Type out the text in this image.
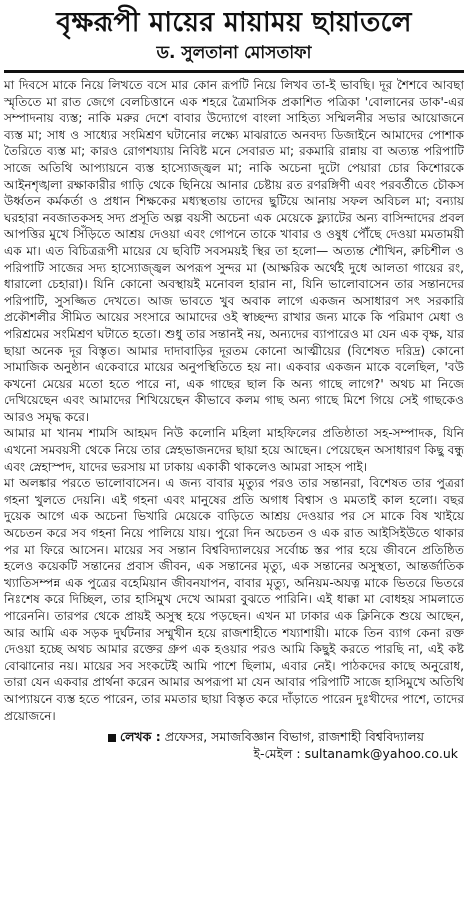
বৃক্ষরূপী মায়ের মায়াময় ছায়াতলে
ড. সুলতানা মোসতাফা

মা দিবসে মাকে নিয়ে লিখতে বসে মার কোন রূপটি নিয়ে লিখব তা-ই ভাবছি। দূর শৈশবে আবছা স্মৃতিতে মা রাত জেগে বেলচিত্তানে এক শহরে ত্রৈমাসিক প্রকাশিত পত্রিকা 'বোলানের ডাক'-এর সম্পাদনায় ব্যস্ত; নাকি মরুর দেশে বাবার উদ্যোগে বাংলা সাহিত্য সম্মিলনীর সভার আয়োজনে ব্যস্ত মা; সাধ ও সাধ্যের সংমিশ্রণ ঘটানোর লক্ষ্যে মাঝরাতে অনবদ্য ডিজাইনে আমাদের পোশাক তৈরিতে ব্যস্ত মা; কারও রোগশয্যায় নিবিষ্ট মনে সেবারত মা; রকমারি রান্নায় বা অত্যন্ত পরিপাটি সাজে অতিথি আপ্যায়নে ব্যস্ত হাস্যোজ্জ্বল মা; নাকি অচেনা দুটো পেয়ারা চোর কিশোরকে আইনশৃঙ্খলা রক্ষাকারীর গাড়ি থেকে ছিনিয়ে আনার চেষ্টায় রত রণরঙ্গিণী এবং পরবর্তীতে চৌকস উর্ধ্বতন কর্মকর্তা ও প্রধান শিক্ষকের মধ্যস্থতায় তাদের ছুটিয়ে আনায় সফল অবিচল মা; বন্যায় ঘরহারা নবজাতকসহ সদ্য প্রসূতি অল্প বয়সী অচেনা এক মেয়েকে ফ্ল্যাটের অন্য বাসিন্দাদের প্রবল আপত্তির মুখে সিঁড়িতে আশ্রয় দেওয়া এবং গোপনে তাকে খাবার ও ওষুধ পৌঁছে দেওয়া মমতাময়ী এক মা। এত বিচিত্ররূপী মায়ের যে ছবিটি সবসময়ই স্থির তা হলো— অত্যন্ত শৌখিন, রুচিশীল ও পরিপাটি সাজের সদ্য হাস্যোজ্জ্বল অপরূপ সুন্দর মা (আক্ষরিক অর্থেই দুধে আলতা গায়ের রং, ধারালো চেহারা)। যিনি কোনো অবস্থায়ই মনোবল হারান না, যিনি ভালোবাসেন তার সন্তানদের পরিপাটি, সুসজ্জিত দেখতে। আজ ভাবতে খুব অবাক লাগে একজন অসাধারণ সৎ সরকারি প্রকৌশলীর সীমিত আয়ের সংসারে আমাদের ওই স্বাচ্ছন্দ্য রাখার জন্য মাকে কি পরিমাণ মেধা ও পরিশ্রমের সংমিশ্রণ ঘটাতে হতো। শুধু তার সন্তানই নয়, অন্যদের ব্যাপারেও মা যেন এক বৃক্ষ, যার ছায়া অনেক দূর বিস্তৃত। আমার দাদাবাড়ির দূরতম কোনো আত্মীয়ের (বিশেষত দরিদ্র) কোনো সামাজিক অনুষ্ঠান একেবারে মায়ের অনুপস্থিতিতে হয় না। একবার একজন মাকে বলেছিল, 'বউ কখনো মেয়ের মতো হতে পারে না, এক গাছের ছাল কি অন্য গাছে লাগে?' অথচ মা নিজে দেখিয়েছেন এবং আমাদের শিখিয়েছেন কীভাবে কলম গাছ অন্য গাছে মিশে গিয়ে সেই গাছকেও আরও সমৃদ্ধ করে।

আমার মা খানম শামসি আহমদ নিউ কলোনি মহিলা মাহফিলের প্রতিষ্ঠাতা সহ-সম্পাদক, যিনি এখনো সমবয়সী থেকে নিয়ে তার স্নেহভাজনদের ছায়া হয়ে আছেন। পেয়েছেন অসাধারণ কিছু বন্ধু এবং স্নেহাস্পদ, যাদের ভরসায় মা ঢাকায় একাকী থাকলেও আমরা সাহস পাই।

মা অলঙ্কার পরতে ভালোবাসেন। এ জন্য বাবার মৃত্যুর পরও তার সন্তানরা, বিশেষত তার পুত্ররা গহনা খুলতে দেয়নি। এই গহনা এবং মানুষের প্রতি অগাধ বিশ্বাস ও মমতাই কাল হলো। বছর দুয়েক আগে এক অচেনা ভিখারি মেয়েকে বাড়িতে আশ্রয় দেওয়ার পর সে মাকে বিষ খাইয়ে অচেতন করে সব গহনা নিয়ে পালিয়ে যায়। পুরো দিন অচেতন ও এক রাত আইসিইউতে থাকার পর মা ফিরে আসেন। মায়ের সব সন্তান বিশ্ববিদ্যালয়ের সর্বোচ্চ স্তর পার হয়ে জীবনে প্রতিষ্ঠিত হলেও কয়েকটি সন্তানের প্রবাস জীবন, এক সন্তানের মৃত্যু, এক সন্তানের অসুস্থতা, আন্তর্জাতিক খ্যাতিসম্পন্ন এক পুত্রের বহেমিয়ান জীবনযাপন, বাবার মৃত্যু, অনিয়ম-অযত্ন মাকে ভিতরে ভিতরে নিঃশেষ করে দিচ্ছিল, তার হাসিমুখ দেখে আমরা বুঝতে পারিনি। এই ধাক্কা মা বোধহয় সামলাতে পারেননি। তারপর থেকে প্রায়ই অসুস্থ হয়ে পড়ছেন। এখন মা ঢাকার এক ক্লিনিকে শুয়ে আছেন, আর আমি এক সড়ক দুর্ঘটনার সম্মুখীন হয়ে রাজশাহীতে শয্যাশায়ী। মাকে তিন ব্যাগ কেনা রক্ত দেওয়া হচ্ছে অথচ আমার রক্তের গ্রুপ এক হওয়ার পরও আমি কিছুই করতে পারছি না, এই কষ্ট বোঝানোর নয়। মায়ের সব সংকটেই আমি পাশে ছিলাম, এবার নেই। পাঠকদের কাছে অনুরোধ, তারা যেন একবার প্রার্থনা করেন আমার অপরূপা মা যেন আবার পরিপাটি সাজে হাসিমুখে অতিথি আপ্যায়নে ব্যস্ত হতে পারেন, তার মমতার ছায়া বিস্তৃত করে দাঁড়াতে পারেন দুঃখীদের পাশে, তাদের প্রয়োজনে।

লেখক : প্রফেসর, সমাজবিজ্ঞান বিভাগ, রাজশাহী বিশ্ববিদ্যালয়
ই-মেইল : sultanamk@yahoo.co.uk
